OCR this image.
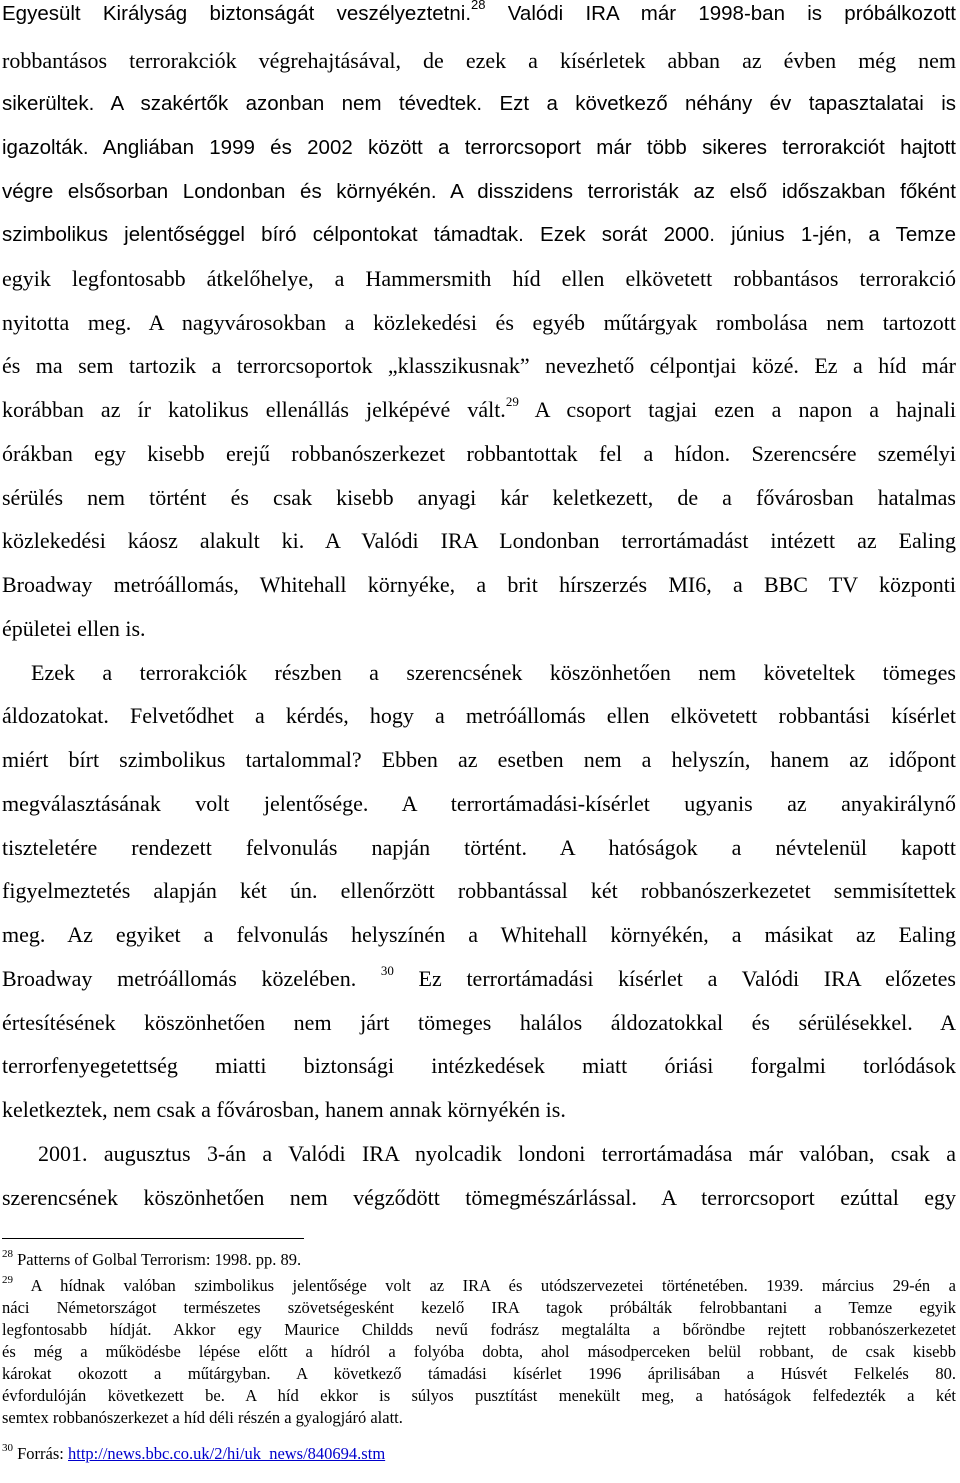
Egyesült Királyság biztonságát veszélyeztetni.$^{28}$ Valódi IRA már 1998-ban is próbálkozott
robbantásos terrorakciók végrehajtásával, de ezek a kísérletek abban az évben még nem
sikerültek. A szakértők azonban nem tévedtek. Ezt a következő néhány év tapasztalatai is
igazolták. Angliában 1999 és 2002 között a terrorcsoport már több sikeres terrorakciót hajtott
végre elsősorban Londonban és környékén. A disszidens terroristák az első időszakban főként
szimbolikus jelentőséggel bíró célpontokat támadtak. Ezek sorát 2000. június 1-jén, a Temze
egyik legfontosabb átkelőhelye, a Hammersmith híd ellen elkövetett robbantásos terrorakció
nyitotta meg. A nagyvárosokban a közlekedési és egyéb műtárgyak rombolása nem tartozott
és ma sem tartozik a terrorcsoportok „klasszikusnak” nevezhető célpontjai közé. Ez a híd már
korábban az ír katolikus ellenállás jelképévé vált.$^{29}$ A csoport tagjai ezen a napon a hajnali
órákban egy kisebb erejű robbanószerkezet robbantottak fel a hídon. Szerencsére személyi
sérülés nem történt és csak kisebb anyagi kár keletkezett, de a fővárosban hatalmas
közlekedési káosz alakult ki. A Valódi IRA Londonban terrortámadást intézett az Ealing
Broadway metróállomás, Whitehall környéke, a brit hírszerzés MI6, a BBC TV központi
épületei ellen is.
Ezek a terrorakciók részben a szerencsének köszönhetően nem követeltek tömeges
áldozatokat. Felvetődhet a kérdés, hogy a metróállomás ellen elkövetett robbantási kísérlet
miért bírt szimbolikus tartalommal? Ebben az esetben nem a helyszín, hanem az időpont
megválasztásának volt jelentősége. A terrortámadási-kísérlet ugyanis az anyakirálynő
tiszteletére rendezett felvonulás napján történt. A hatóságok a névtelenül kapott
figyelmeztetés alapján két ún. ellenőrzött robbantással két robbanószerkezetet semmisítettek
meg. Az egyiket a felvonulás helyszínén a Whitehall környékén, a másikat az Ealing
Broadway metróállomás közelében. $^{30}$ Ez terrortámadási kísérlet a Valódi IRA előzetes
értesítésének köszönhetően nem járt tömeges halálos áldozatokkal és sérülésekkel. A
terrorfenyegetettség miatti biztonsági intézkedések miatt óriási forgalmi torlódások
keletkeztek, nem csak a fővárosban, hanem annak környékén is.
2001. augusztus 3-án a Valódi IRA nyolcadik londoni terrortámadása már valóban, csak a
szerencsének köszönhetően nem végződött tömegmészárlással. A terrorcsoport ezúttal egy
$^{28}$ Patterns of Golbal Terrorism: 1998. pp. 89.
$^{29}$ A hídnak valóban szimbolikus jelentősége volt az IRA és utódszervezetei történetében. 1939. március 29-én a
náci Németországot természetes szövetségesként kezelő IRA tagok próbálták felrobbantani a Temze egyik
legfontosabb hídját. Akkor egy Maurice Childds nevű fodrász megtalálta a bőröndbe rejtett robbanószerkezetet
és még a működésbe lépése előtt a hídról a folyóba dobta, ahol másodperceken belül robbant, de csak kisebb
károkat okozott a műtárgyban. A következő támadási kísérlet 1996 áprilisában a Húsvét Felkelés 80.
évfordulóján következett be. A híd ekkor is súlyos pusztítást menekült meg, a hatóságok felfedezték a két
semtex robbanószerkezet a híd déli részén a gyalogjáró alatt.
$^{30}$ Forrás: http://news.bbc.co.uk/2/hi/uk_news/840694.stm
